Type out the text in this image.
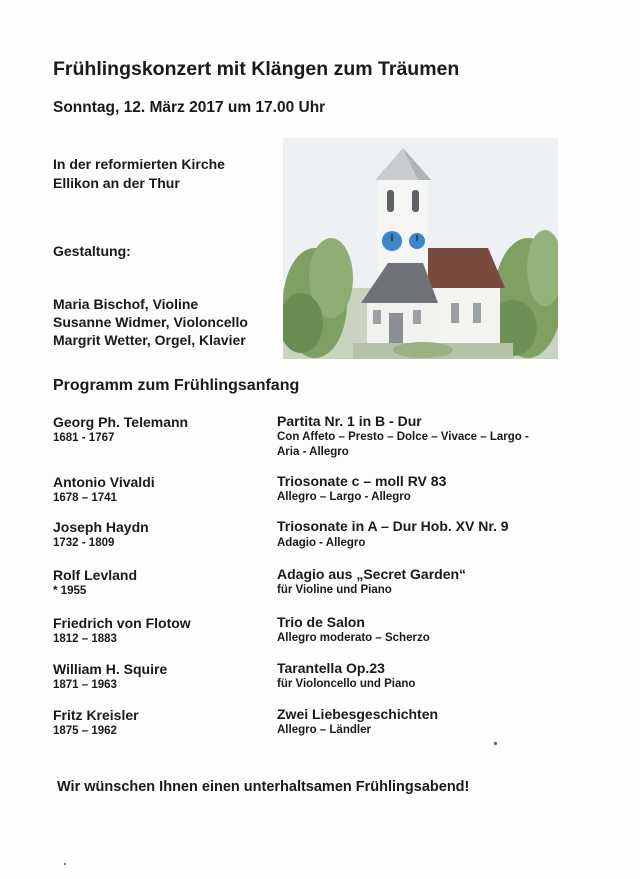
Frühlingskonzert mit Klängen zum Träumen
Sonntag, 12. März 2017 um 17.00 Uhr
In der reformierten Kirche
Ellikon an der Thur
Gestaltung:
Maria Bischof, Violine
Susanne Widmer, Violoncello
Margrit Wetter, Orgel, Klavier
Programm zum Frühlingsanfang
Georg Ph. Telemann
1681 - 1767
Partita Nr. 1 in B - Dur
Con Affeto – Presto – Dolce – Vivace – Largo -
Aria - Allegro
Antonio Vivaldi
1678 – 1741
Triosonate c – moll RV 83
Allegro – Largo - Allegro
Joseph Haydn
1732 - 1809
Triosonate in A – Dur Hob. XV Nr. 9
Adagio - Allegro
Rolf Levland
* 1955
Adagio aus „Secret Garden“
für Violine und Piano
Friedrich von Flotow
1812 – 1883
Trio de Salon
Allegro moderato – Scherzo
William H. Squire
1871 – 1963
Tarantella Op.23
für Violoncello und Piano
Fritz Kreisler
1875 – 1962
Zwei Liebesgeschichten
Allegro – Ländler
Wir wünschen Ihnen einen unterhaltsamen Frühlingsabend!
